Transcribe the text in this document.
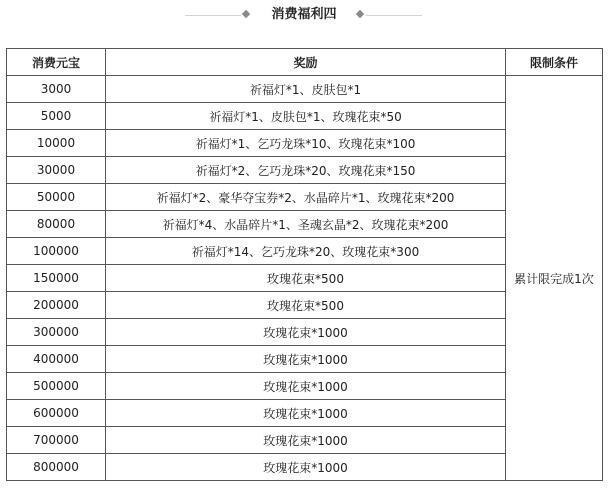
消费福利四
消费元宝	奖励	限制条件
3000	祈福灯*1、皮肤包*1	累计限完成1次
5000	祈福灯*1、皮肤包*1、玫瑰花束*50	
10000	祈福灯*1、乞巧龙珠*10、玫瑰花束*100	
30000	祈福灯*2、乞巧龙珠*20、玫瑰花束*150	
50000	祈福灯*2、豪华夺宝券*2、水晶碎片*1、玫瑰花束*200	
80000	祈福灯*4、水晶碎片*1、圣魂玄晶*2、玫瑰花束*200	
100000	祈福灯*14、乞巧龙珠*20、玫瑰花束*300	
150000	玫瑰花束*500	
200000	玫瑰花束*500	
300000	玫瑰花束*1000	
400000	玫瑰花束*1000	
500000	玫瑰花束*1000	
600000	玫瑰花束*1000	
700000	玫瑰花束*1000	
800000	玫瑰花束*1000	
